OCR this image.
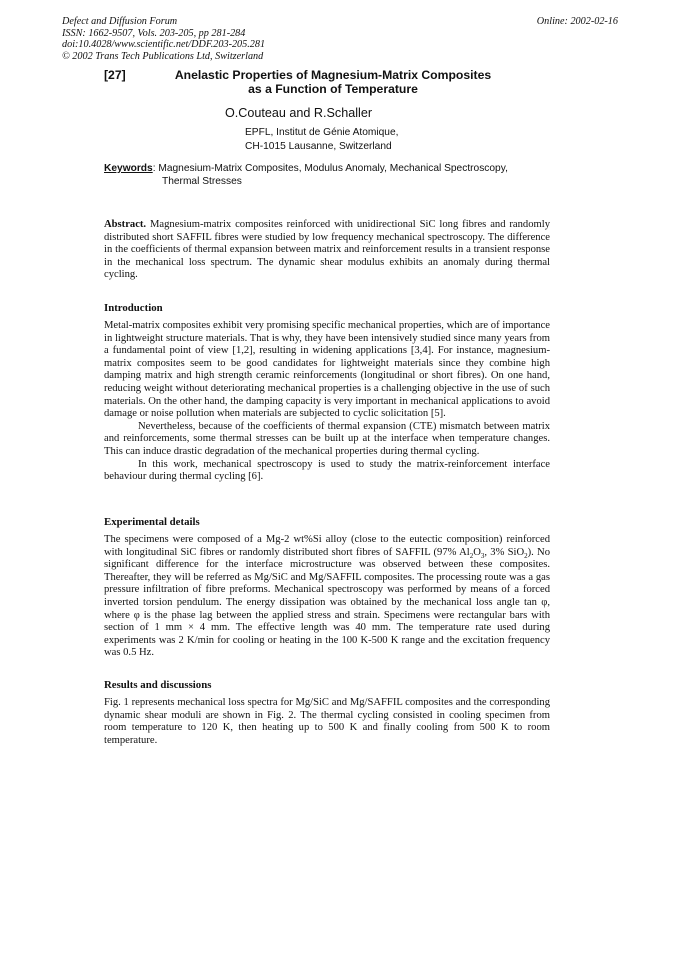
Defect and Diffusion Forum
ISSN: 1662-9507, Vols. 203-205, pp 281-284
doi:10.4028/www.scientific.net/DDF.203-205.281
© 2002 Trans Tech Publications Ltd, Switzerland
Online: 2002-02-16
[27]	Anelastic Properties of Magnesium-Matrix Composites
as a Function of Temperature
O.Couteau and R.Schaller
EPFL, Institut de Génie Atomique,
CH-1015 Lausanne, Switzerland
Keywords: Magnesium-Matrix Composites, Modulus Anomaly, Mechanical Spectroscopy,
Thermal Stresses

Abstract. Magnesium-matrix composites reinforced with unidirectional SiC long fibres and randomly distributed short SAFFIL fibres were studied by low frequency mechanical spectroscopy. The difference in the coefficients of thermal expansion between matrix and reinforcement results in a transient response in the mechanical loss spectrum. The dynamic shear modulus exhibits an anomaly during thermal cycling.

Introduction

Metal-matrix composites exhibit very promising specific mechanical properties, which are of importance in lightweight structure materials. That is why, they have been intensively studied since many years from a fundamental point of view [1,2], resulting in widening applications [3,4]. For instance, magnesium-matrix composites seem to be good candidates for lightweight materials since they combine high damping matrix and high strength ceramic reinforcements (longitudinal or short fibres). On one hand, reducing weight without deteriorating mechanical properties is a challenging objective in the use of such materials. On the other hand, the damping capacity is very important in mechanical applications to avoid damage or noise pollution when materials are subjected to cyclic solicitation [5].

Nevertheless, because of the coefficients of thermal expansion (CTE) mismatch between matrix and reinforcements, some thermal stresses can be built up at the interface when temperature changes. This can induce drastic degradation of the mechanical properties during thermal cycling.

In this work, mechanical spectroscopy is used to study the matrix-reinforcement interface behaviour during thermal cycling [6].

Experimental details

The specimens were composed of a Mg-2 wt%Si alloy (close to the eutectic composition) reinforced with longitudinal SiC fibres or randomly distributed short fibres of SAFFIL (97% $Al_2O_3$, 3% SiO$_2$). No significant difference for the interface microstructure was observed between these composites. Thereafter, they will be referred as Mg/SiC and Mg/SAFFIL composites. The processing route was a gas pressure infiltration of fibre preforms. Mechanical spectroscopy was performed by means of a forced inverted torsion pendulum. The energy dissipation was obtained by the mechanical loss angle tan φ, where φ is the phase lag between the applied stress and strain. Specimens were rectangular bars with section of 1 mm × 4 mm. The effective length was 40 mm. The temperature rate used during experiments was 2 K/min for cooling or heating in the 100 K-500 K range and the excitation frequency was 0.5 Hz.

Results and discussions

Fig. 1 represents mechanical loss spectra for Mg/SiC and Mg/SAFFIL composites and the corresponding dynamic shear moduli are shown in Fig. 2. The thermal cycling consisted in cooling specimen from room temperature to 120 K, then heating up to 500 K and finally cooling from 500 K to room temperature.
